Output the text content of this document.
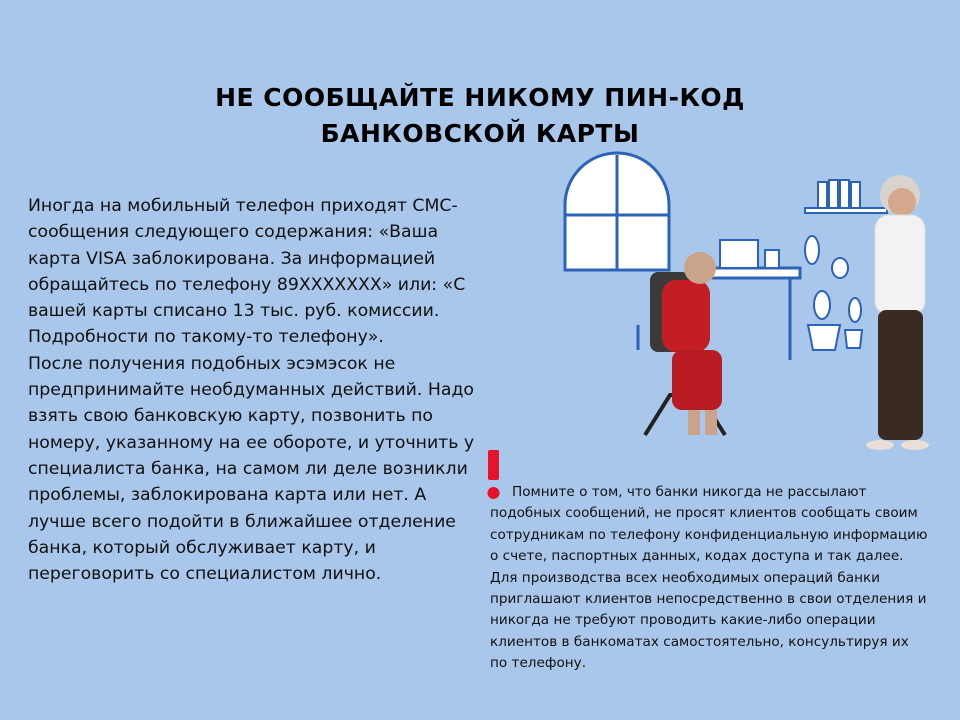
НЕ СООБЩАЙТЕ НИКОМУ ПИН-КОД
БАНКОВСКОЙ КАРТЫ

Иногда на мобильный телефон приходят СМС-сообщения следующего содержания: «Ваша карта VISA заблокирована. За информацией обращайтесь по телефону 89XXXXXXX» или: «С вашей карты списано 13 тыс. руб. комиссии. Подробности по такому-то телефону».

После получения подобных эсэмэсок не предпринимайте необдуманных действий. Надо взять свою банковскую карту, позвонить по номеру, указанному на ее обороте, и уточнить у специалиста банка, на самом ли деле возникли проблемы, заблокирована карта или нет. А лучше всего подойти в ближайшее отделение банка, который обслуживает карту, и переговорить со специалистом лично.

Помните о том, что банки никогда не рассылают подобных сообщений, не просят клиентов сообщать своим сотрудникам по телефону конфиденциальную информацию о счете, паспортных данных, кодах доступа и так далее. Для производства всех необходимых операций банки приглашают клиентов непосредственно в свои отделения и никогда не требуют проводить какие-либо операции клиентов в банкоматах самостоятельно, консультируя их по телефону.
